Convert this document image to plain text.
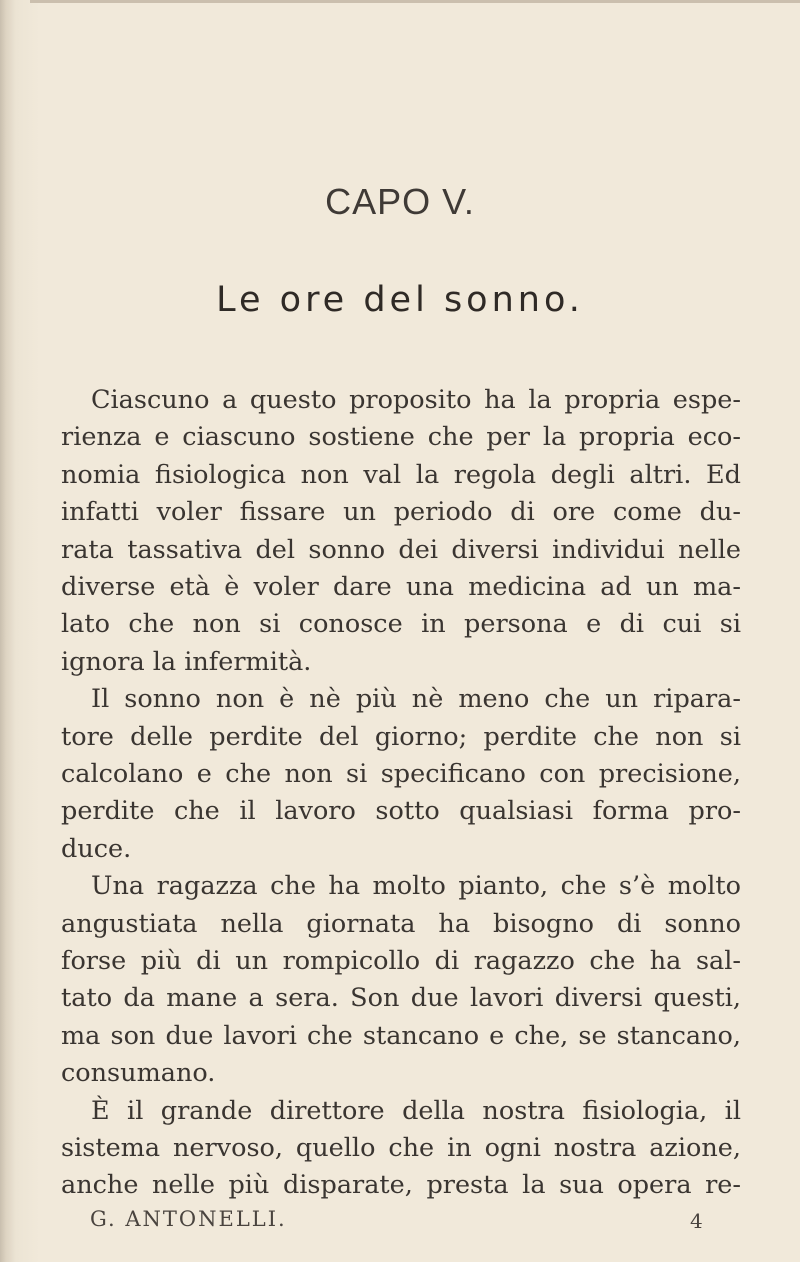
CAPO V.
Le ore del sonno.
Ciascuno a questo proposito ha la propria espe-
rienza e ciascuno sostiene che per la propria eco-
nomia fisiologica non val la regola degli altri. Ed
infatti voler fissare un periodo di ore come du-
rata tassativa del sonno dei diversi individui nelle
diverse età è voler dare una medicina ad un ma-
lato che non si conosce in persona e di cui si
ignora la infermità.
Il sonno non è nè più nè meno che un ripara-
tore delle perdite del giorno; perdite che non si
calcolano e che non si specificano con precisione,
perdite che il lavoro sotto qualsiasi forma pro-
duce.
Una ragazza che ha molto pianto, che s’è molto
angustiata nella giornata ha bisogno di sonno
forse più di un rompicollo di ragazzo che ha sal-
tato da mane a sera. Son due lavori diversi questi,
ma son due lavori che stancano e che, se stancano,
consumano.
È il grande direttore della nostra fisiologia, il
sistema nervoso, quello che in ogni nostra azione,
anche nelle più disparate, presta la sua opera re-
G. ANTONELLI.	4
